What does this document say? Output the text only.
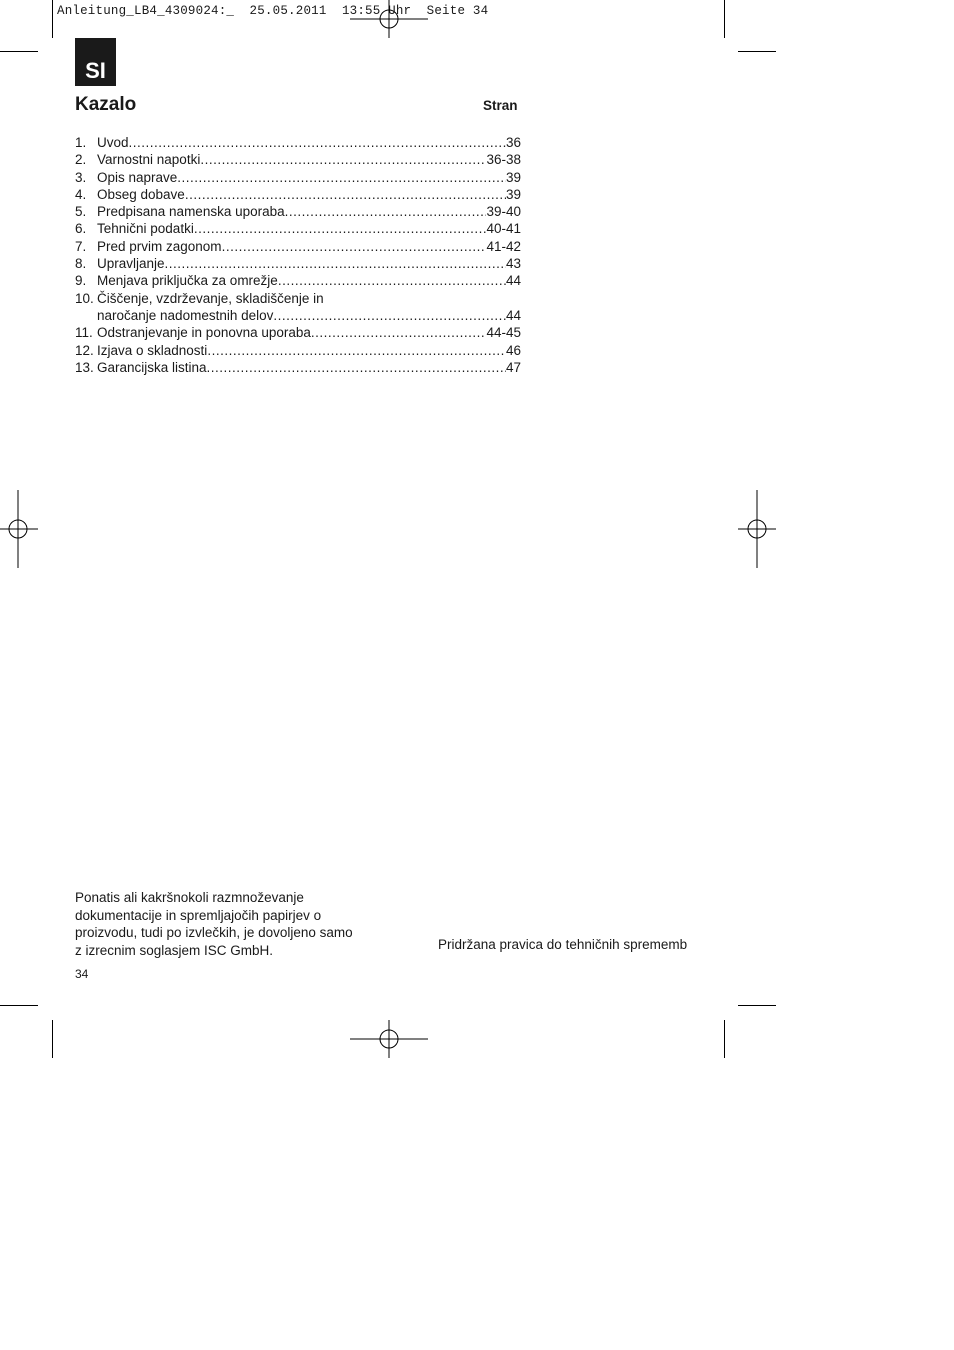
Anleitung_LB4_4309024:_  25.05.2011  13:55 Uhr  Seite 34
SI
Kazalo	Stran
1. Uvod .....	36
2. Varnostni napotki .....	36-38
3. Opis naprave .....	39
4. Obseg dobave .....	39
5. Predpisana namenska uporaba .....	39-40
6. Tehnični podatki .....	40-41
7. Pred prvim zagonom .....	41-42
8. Upravljanje .....	43
9. Menjava priključka za omrežje .....	44
10. Čiščenje, vzdrževanje, skladiščenje in
naročanje nadomestnih delov .....	44
11. Odstranjevanje in ponovna uporaba .....	44-45
12. Izjava o skladnosti .....	46
13. Garancijska listina .....	47
Ponatis ali kakršnokoli razmnoževanje
dokumentacije in spremljajočih papirjev o
proizvodu, tudi po izvlečkih, je dovoljeno samo
z izrecnim soglasjem ISC GmbH.	Pridržana pravica do tehničnih sprememb
34
